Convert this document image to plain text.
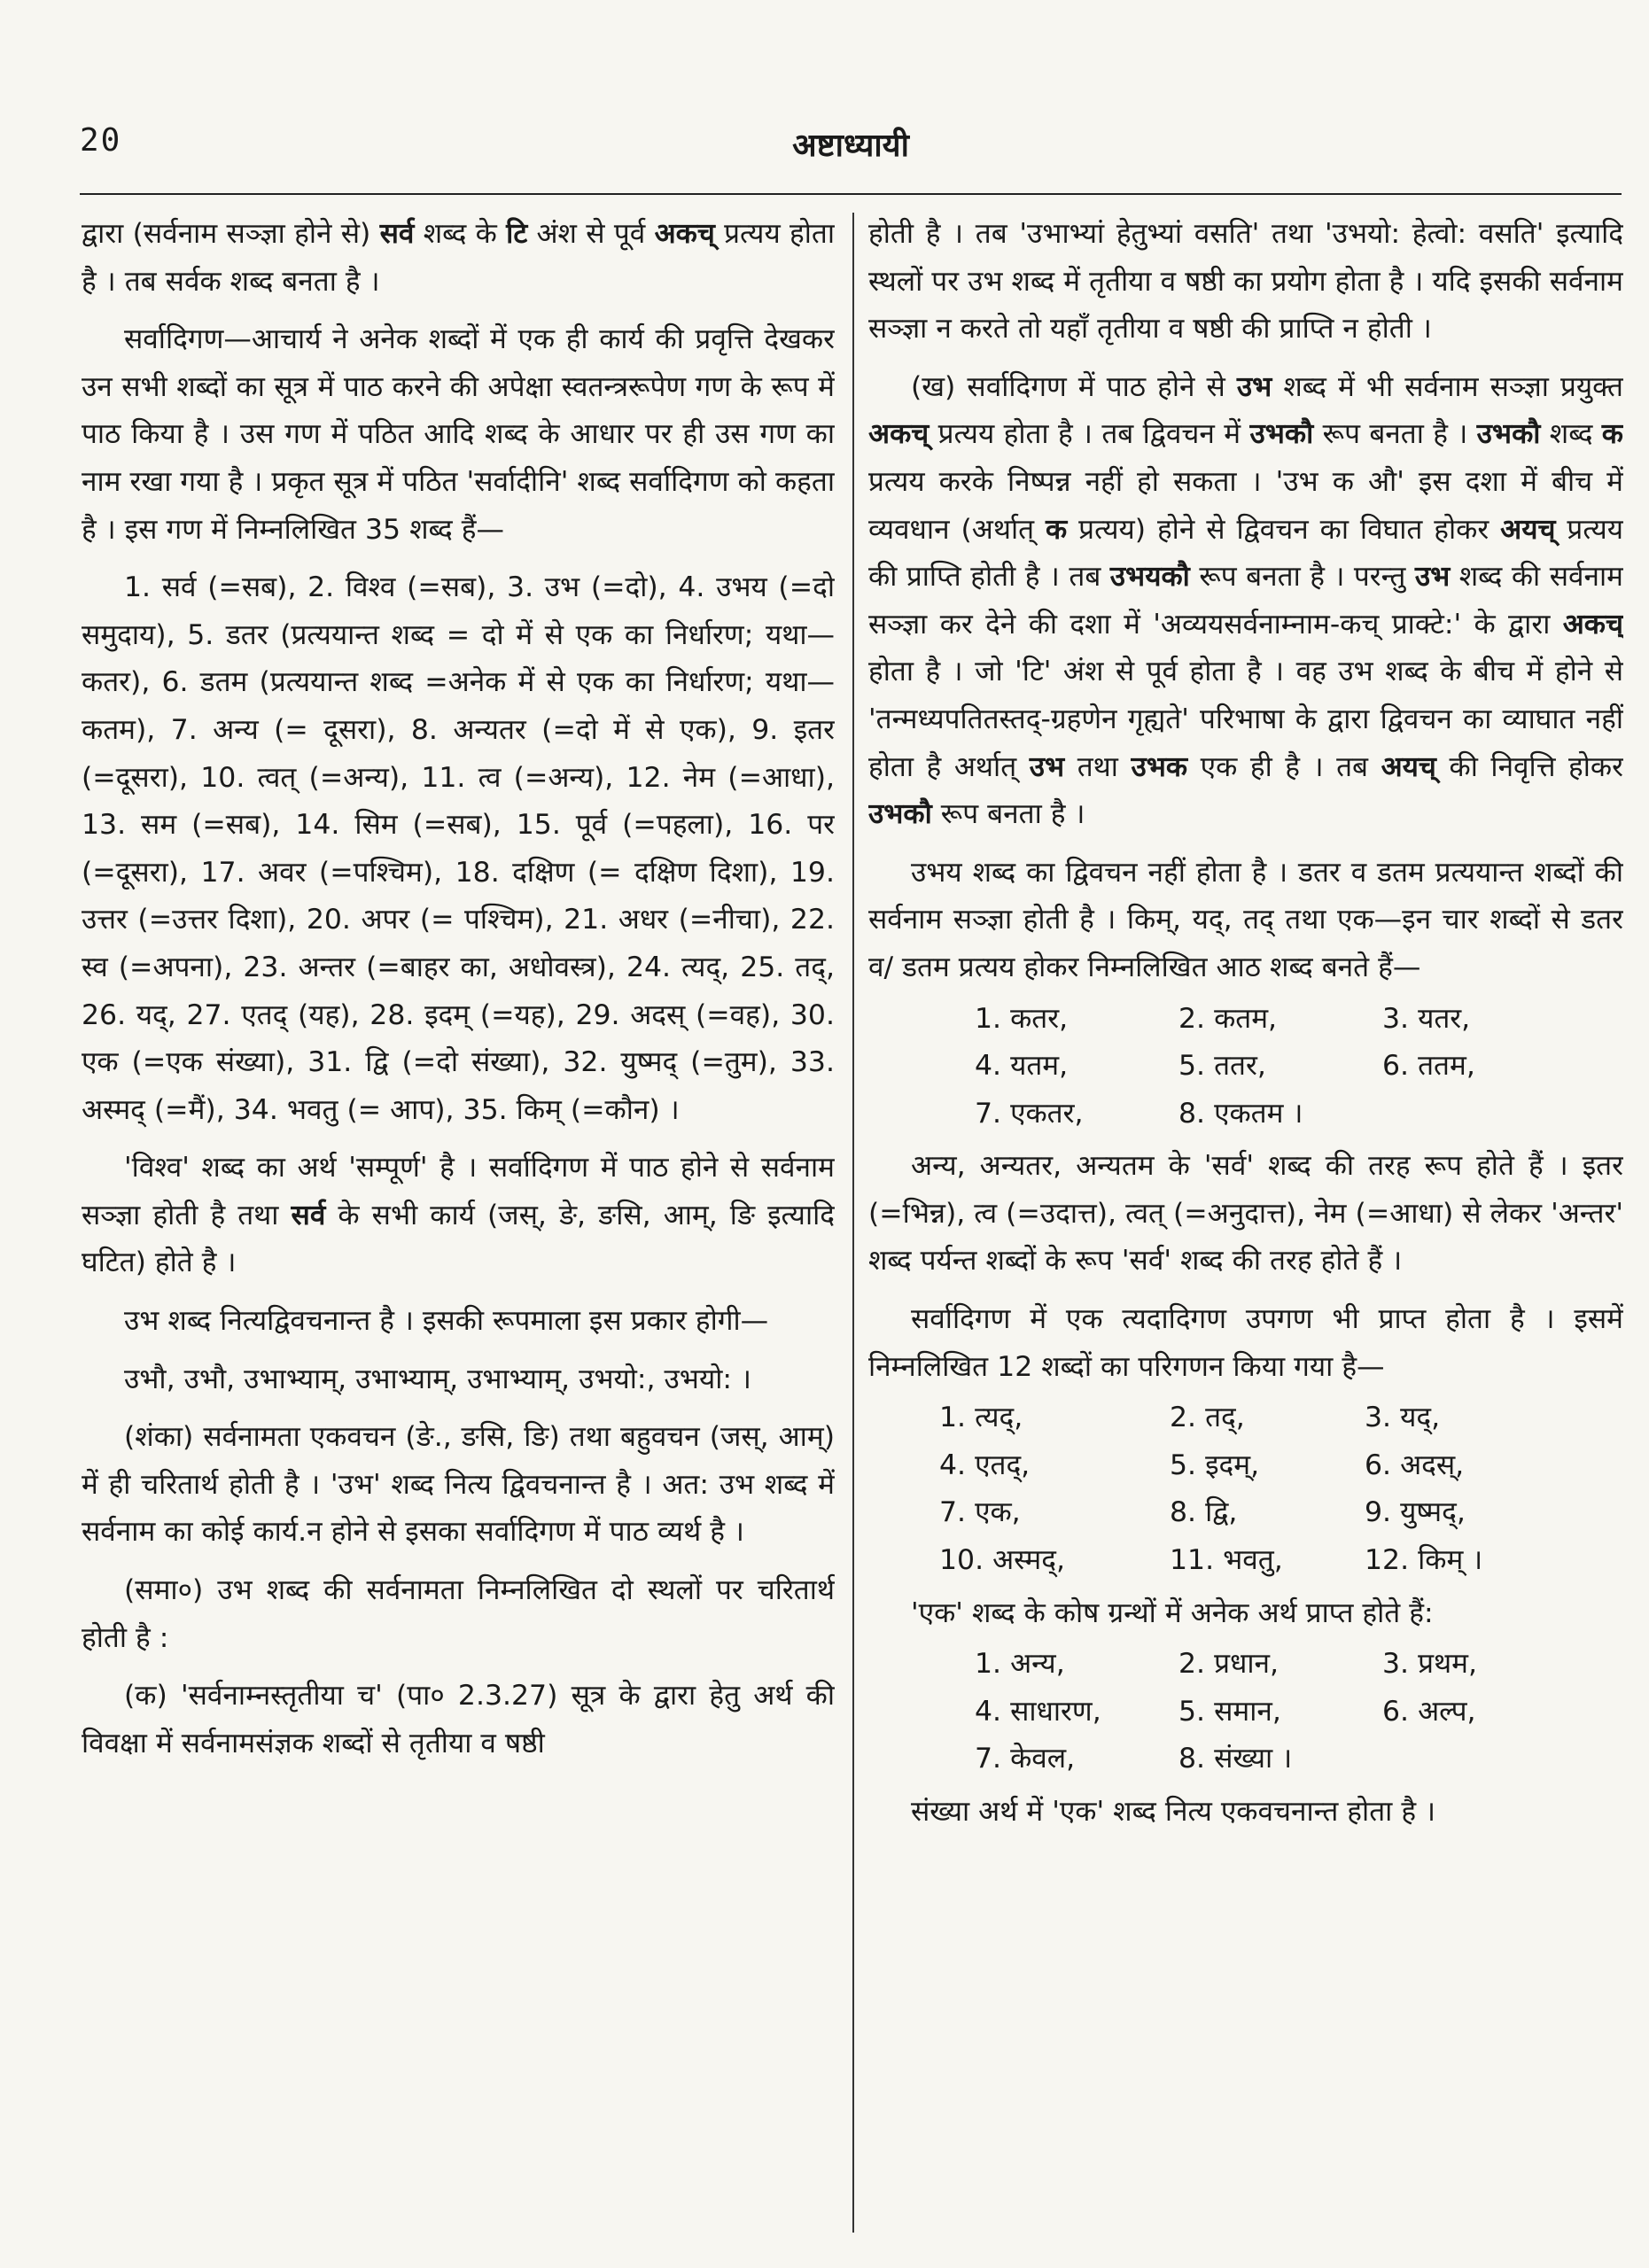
20	अष्टाध्यायी

द्वारा (सर्वनाम सञ्ज्ञा होने से) सर्व शब्द के टि अंश से पूर्व अकच् प्रत्यय होता है । तब सर्वक शब्द बनता है ।

सर्वादिगण—आचार्य ने अनेक शब्दों में एक ही कार्य की प्रवृत्ति देखकर उन सभी शब्दों का सूत्र में पाठ करने की अपेक्षा स्वतन्त्ररूपेण गण के रूप में पाठ किया है । उस गण में पठित आदि शब्द के आधार पर ही उस गण का नाम रखा गया है । प्रकृत सूत्र में पठित 'सर्वादीनि' शब्द सर्वादिगण को कहता है । इस गण में निम्नलिखित 35 शब्द हैं—

1. सर्व (=सब), 2. विश्व (=सब), 3. उभ (=दो), 4. उभय (=दो समुदाय), 5. डतर (प्रत्ययान्त शब्द = दो में से एक का निर्धारण; यथा—कतर), 6. डतम (प्रत्ययान्त शब्द =अनेक में से एक का निर्धारण; यथा—कतम), 7. अन्य (= दूसरा), 8. अन्यतर (=दो में से एक), 9. इतर (=दूसरा), 10. त्वत् (=अन्य), 11. त्व (=अन्य), 12. नेम (=आधा), 13. सम (=सब), 14. सिम (=सब), 15. पूर्व (=पहला), 16. पर (=दूसरा), 17. अवर (=पश्चिम), 18. दक्षिण (= दक्षिण दिशा), 19. उत्तर (=उत्तर दिशा), 20. अपर (= पश्चिम), 21. अधर (=नीचा), 22. स्व (=अपना), 23. अन्तर (=बाहर का, अधोवस्त्र), 24. त्यद्, 25. तद्, 26. यद्, 27. एतद् (यह), 28. इदम् (=यह), 29. अदस् (=वह), 30. एक (=एक संख्या), 31. द्वि (=दो संख्या), 32. युष्मद् (=तुम), 33. अस्मद् (=मैं), 34. भवतु (= आप), 35. किम् (=कौन) ।

'विश्व' शब्द का अर्थ 'सम्पूर्ण' है । सर्वादिगण में पाठ होने से सर्वनाम सञ्ज्ञा होती है तथा सर्व के सभी कार्य (जस्, ङे, ङसि, आम्, ङि इत्यादि घटित) होते है ।

उभ शब्द नित्यद्विवचनान्त है । इसकी रूपमाला इस प्रकार होगी—

उभौ, उभौ, उभाभ्याम्, उभाभ्याम्, उभाभ्याम्, उभयो:, उभयो: ।

(शंका) सर्वनामता एकवचन (ङे., ङसि, ङि) तथा बहुवचन (जस्, आम्) में ही चरितार्थ होती है । 'उभ' शब्द नित्य द्विवचनान्त है । अत: उभ शब्द में सर्वनाम का कोई कार्य.न होने से इसका सर्वादिगण में पाठ व्यर्थ है ।

(समा०) उभ शब्द की सर्वनामता निम्नलिखित दो स्थलों पर चरितार्थ होती है :

(क) 'सर्वनाम्नस्तृतीया च' (पा० 2.3.27) सूत्र के द्वारा हेतु अर्थ की विवक्षा में सर्वनामसंज्ञक शब्दों से तृतीया व षष्ठी

होती है । तब 'उभाभ्यां हेतुभ्यां वसति' तथा 'उभयो: हेत्वो: वसति' इत्यादि स्थलों पर उभ शब्द में तृतीया व षष्ठी का प्रयोग होता है । यदि इसकी सर्वनाम सञ्ज्ञा न करते तो यहाँ तृतीया व षष्ठी की प्राप्ति न होती ।

(ख) सर्वादिगण में पाठ होने से उभ शब्द में भी सर्वनाम सञ्ज्ञा प्रयुक्त अकच् प्रत्यय होता है । तब द्विवचन में उभकौ रूप बनता है । उभकौ शब्द क प्रत्यय करके निष्पन्न नहीं हो सकता । 'उभ क औ' इस दशा में बीच में व्यवधान (अर्थात् क प्रत्यय) होने से द्विवचन का विघात होकर अयच् प्रत्यय की प्राप्ति होती है । तब उभयकौ रूप बनता है । परन्तु उभ शब्द की सर्वनाम सञ्ज्ञा कर देने की दशा में 'अव्ययसर्वनाम्नाम-कच् प्राक्टे:' के द्वारा अकच् होता है । जो 'टि' अंश से पूर्व होता है । वह उभ शब्द के बीच में होने से 'तन्मध्यपतितस्तद्-ग्रहणेन गृह्यते' परिभाषा के द्वारा द्विवचन का व्याघात नहीं होता है अर्थात् उभ तथा उभक एक ही है । तब अयच् की निवृत्ति होकर उभकौ रूप बनता है ।

उभय शब्द का द्विवचन नहीं होता है । डतर व डतम प्रत्ययान्त शब्दों की सर्वनाम सञ्ज्ञा होती है । किम्, यद्, तद् तथा एक—इन चार शब्दों से डतर व/ डतम प्रत्यय होकर निम्नलिखित आठ शब्द बनते हैं—

1. कतर,	2. कतम,	3. यतर,
4. यतम,	5. ततर,	6. ततम,
7. एकतर,	8. एकतम ।

अन्य, अन्यतर, अन्यतम के 'सर्व' शब्द की तरह रूप होते हैं । इतर (=भिन्न), त्व (=उदात्त), त्वत् (=अनुदात्त), नेम (=आधा) से लेकर 'अन्तर' शब्द पर्यन्त शब्दों के रूप 'सर्व' शब्द की तरह होते हैं ।

सर्वादिगण में एक त्यदादिगण उपगण भी प्राप्त होता है । इसमें निम्नलिखित 12 शब्दों का परिगणन किया गया है—

1. त्यद्,	2. तद्,	3. यद्,
4. एतद्,	5. इदम्,	6. अदस्,
7. एक,	8. द्वि,	9. युष्मद्,
10. अस्मद्,	11. भवतु,	12. किम् ।

'एक' शब्द के कोष ग्रन्थों में अनेक अर्थ प्राप्त होते हैं:

1. अन्य,	2. प्रधान,	3. प्रथम,
4. साधारण,	5. समान,	6. अल्प,
7. केवल,	8. संख्या ।

संख्या अर्थ में 'एक' शब्द नित्य एकवचनान्त होता है ।
